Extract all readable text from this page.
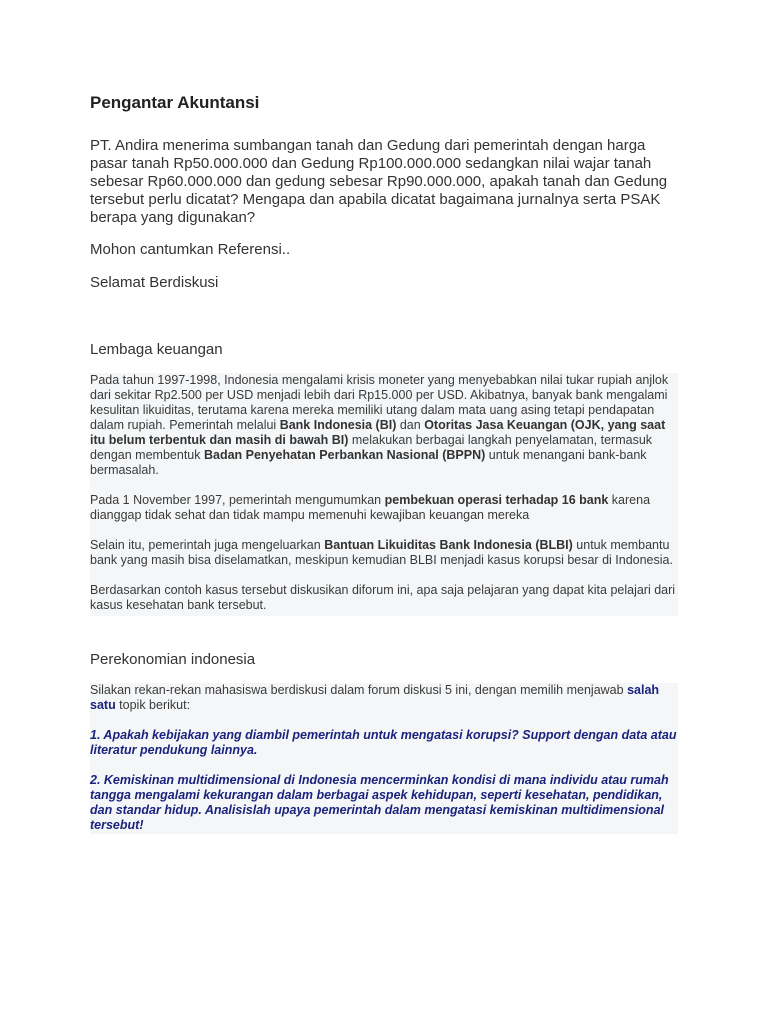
Pengantar Akuntansi

PT. Andira menerima sumbangan tanah dan Gedung dari pemerintah dengan harga pasar tanah Rp50.000.000 dan Gedung Rp100.000.000 sedangkan nilai wajar tanah sebesar Rp60.000.000 dan gedung sebesar Rp90.000.000, apakah tanah dan Gedung tersebut perlu dicatat? Mengapa dan apabila dicatat bagaimana jurnalnya serta PSAK berapa yang digunakan?

Mohon cantumkan Referensi..

Selamat Berdiskusi

Lembaga keuangan

Pada tahun 1997-1998, Indonesia mengalami krisis moneter yang menyebabkan nilai tukar rupiah anjlok dari sekitar Rp2.500 per USD menjadi lebih dari Rp15.000 per USD. Akibatnya, banyak bank mengalami kesulitan likuiditas, terutama karena mereka memiliki utang dalam mata uang asing tetapi pendapatan dalam rupiah. Pemerintah melalui Bank Indonesia (BI) dan Otoritas Jasa Keuangan (OJK, yang saat itu belum terbentuk dan masih di bawah BI) melakukan berbagai langkah penyelamatan, termasuk dengan membentuk Badan Penyehatan Perbankan Nasional (BPPN) untuk menangani bank-bank bermasalah.

Pada 1 November 1997, pemerintah mengumumkan pembekuan operasi terhadap 16 bank karena dianggap tidak sehat dan tidak mampu memenuhi kewajiban keuangan mereka

Selain itu, pemerintah juga mengeluarkan Bantuan Likuiditas Bank Indonesia (BLBI) untuk membantu bank yang masih bisa diselamatkan, meskipun kemudian BLBI menjadi kasus korupsi besar di Indonesia.

Berdasarkan contoh kasus tersebut diskusikan diforum ini, apa saja pelajaran yang dapat kita pelajari dari kasus kesehatan bank tersebut.

Perekonomian indonesia

Silakan rekan-rekan mahasiswa berdiskusi dalam forum diskusi 5 ini, dengan memilih menjawab salah satu topik berikut:

1. Apakah kebijakan yang diambil pemerintah untuk mengatasi korupsi? Support dengan data atau literatur pendukung lainnya.

2. Kemiskinan multidimensional di Indonesia mencerminkan kondisi di mana individu atau rumah tangga mengalami kekurangan dalam berbagai aspek kehidupan, seperti kesehatan, pendidikan, dan standar hidup. Analisislah upaya pemerintah dalam mengatasi kemiskinan multidimensional tersebut!
